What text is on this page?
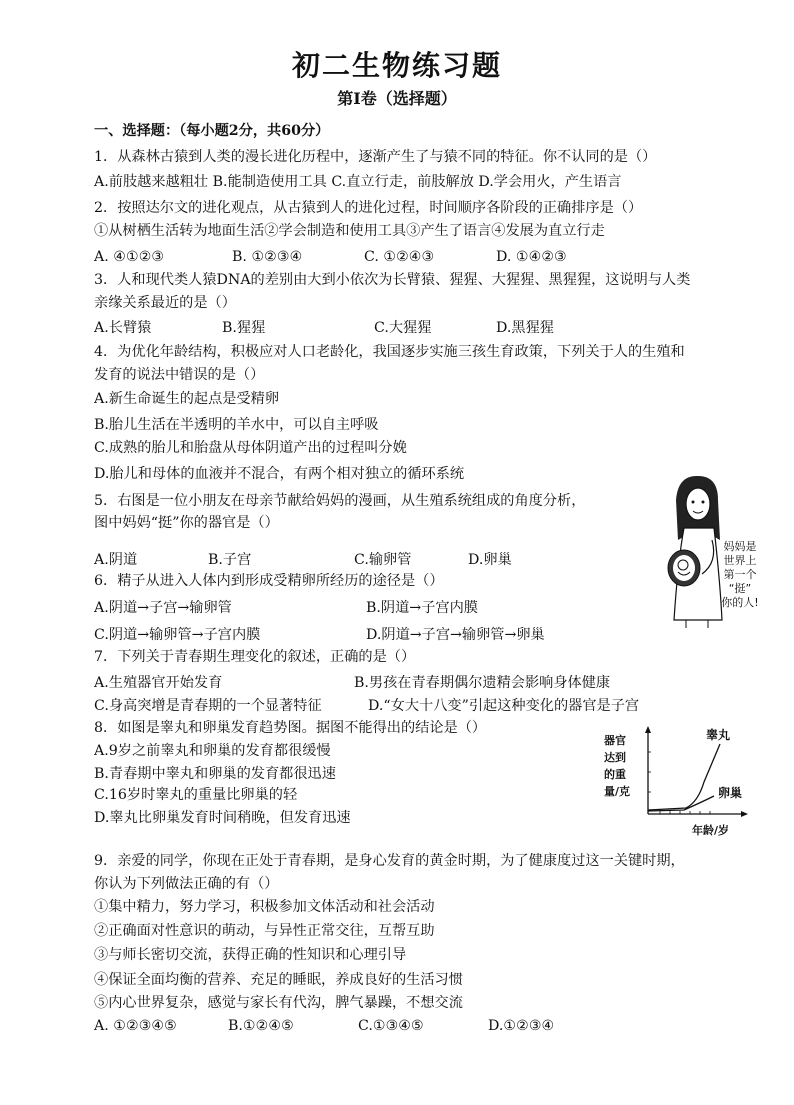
初二生物练习题
第Ⅰ卷（选择题）
一、选择题：（每小题2分，共60分）
1．从森林古猿到人类的漫长进化历程中，逐渐产生了与猿不同的特征。你不认同的是（）
A.前肢越来越粗壮 B.能制造使用工具 C.直立行走，前肢解放 D.学会用火，产生语言
2．按照达尔文的进化观点，从古猿到人的进化过程，时间顺序各阶段的正确排序是（）
①从树栖生活转为地面生活②学会制造和使用工具③产生了语言④发展为直立行走
A. ④①②③	B. ①②③④	C. ①②④③	D. ①④②③
3．人和现代类人猿DNA的差别由大到小依次为长臂猿、猩猩、大猩猩、黑猩猩，这说明与人类
亲缘关系最近的是（）
A.长臂猿	B.猩猩	C.大猩猩	D.黑猩猩
4．为优化年龄结构，积极应对人口老龄化，我国逐步实施三孩生育政策，下列关于人的生殖和
发育的说法中错误的是（）
A.新生命诞生的起点是受精卵
B.胎儿生活在半透明的羊水中，可以自主呼吸
C.成熟的胎儿和胎盘从母体阴道产出的过程叫分娩
D.胎儿和母体的血液并不混合，有两个相对独立的循环系统
5．右图是一位小朋友在母亲节献给妈妈的漫画，从生殖系统组成的角度分析，
图中妈妈“挺”你的器官是（）
A.阴道	B.子宫	C.输卵管	D.卵巢
妈妈是
世界上
第一个
“挺”
你的人!
6．精子从进入人体内到形成受精卵所经历的途径是（）
A.阴道→子宫→输卵管	B.阴道→子宫内膜
C.阴道→输卵管→子宫内膜	D.阴道→子宫→输卵管→卵巢
7．下列关于青春期生理变化的叙述，正确的是（）
A.生殖器官开始发育	B.男孩在青春期偶尔遗精会影响身体健康
C.身高突增是青春期的一个显著特征	D.“女大十八变”引起这种变化的器官是子宫
8．如图是睾丸和卵巢发育趋势图。据图不能得出的结论是（）
A.9岁之前睾丸和卵巢的发育都很缓慢
B.青春期中睾丸和卵巢的发育都很迅速
C.16岁时睾丸的重量比卵巢的轻
D.睾丸比卵巢发育时间稍晚，但发育迅速
器官
达到
的重
量/克
睾丸
卵巢
年龄/岁
9．亲爱的同学，你现在正处于青春期，是身心发育的黄金时期，为了健康度过这一关键时期，
你认为下列做法正确的有（）
①集中精力，努力学习，积极参加文体活动和社会活动
②正确面对性意识的萌动，与异性正常交往，互帮互助
③与师长密切交流，获得正确的性知识和心理引导
④保证全面均衡的营养、充足的睡眠，养成良好的生活习惯
⑤内心世界复杂，感觉与家长有代沟，脾气暴躁，不想交流
A. ①②③④⑤	B.①②④⑤	C.①③④⑤	D.①②③④
